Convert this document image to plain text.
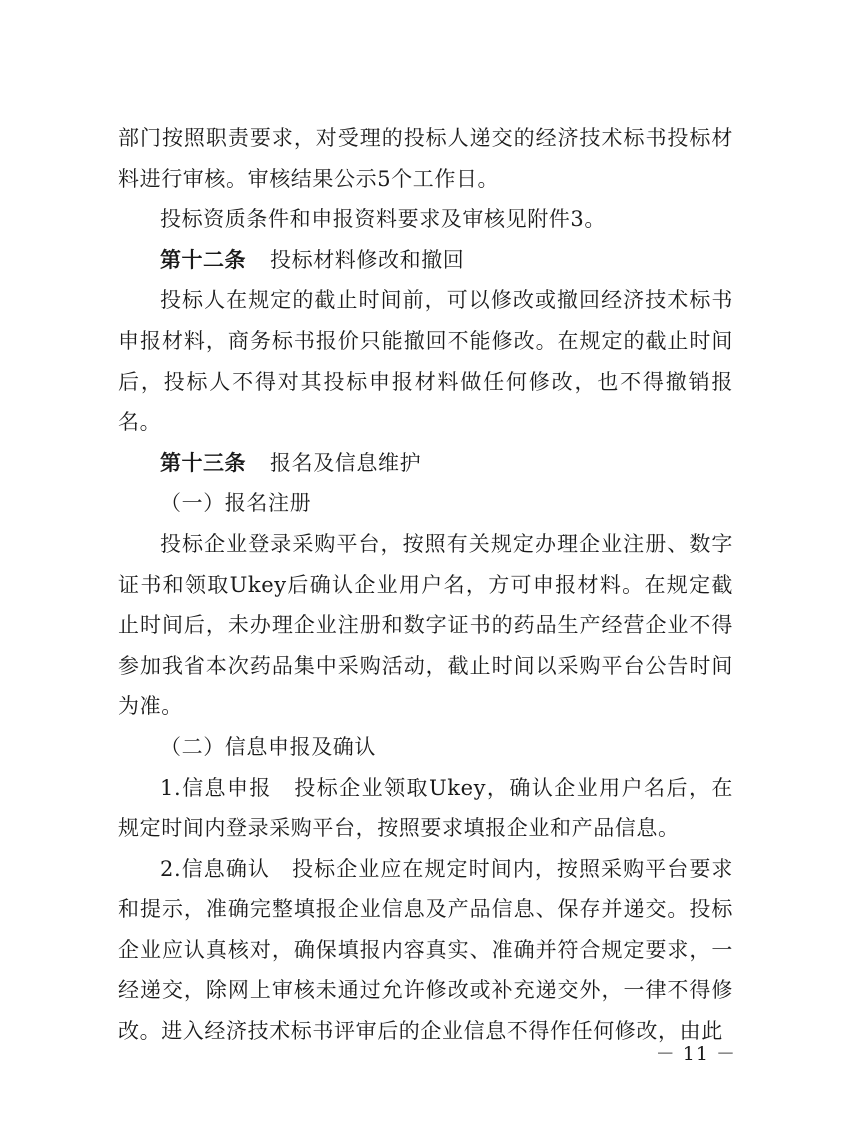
部门按照职责要求，对受理的投标人递交的经济技术标书投标材料进行审核。审核结果公示5个工作日。

投标资质条件和申报资料要求及审核见附件3。

第十二条 投标材料修改和撤回

投标人在规定的截止时间前，可以修改或撤回经济技术标书申报材料，商务标书报价只能撤回不能修改。在规定的截止时间后，投标人不得对其投标申报材料做任何修改，也不得撤销报名。

第十三条 报名及信息维护

（一）报名注册

投标企业登录采购平台，按照有关规定办理企业注册、数字证书和领取Ukey后确认企业用户名，方可申报材料。在规定截止时间后，未办理企业注册和数字证书的药品生产经营企业不得参加我省本次药品集中采购活动，截止时间以采购平台公告时间为准。

（二）信息申报及确认

1.信息申报　投标企业领取Ukey，确认企业用户名后，在规定时间内登录采购平台，按照要求填报企业和产品信息。

2.信息确认　投标企业应在规定时间内，按照采购平台要求和提示，准确完整填报企业信息及产品信息、保存并递交。投标企业应认真核对，确保填报内容真实、准确并符合规定要求，一经递交，除网上审核未通过允许修改或补充递交外，一律不得修改。进入经济技术标书评审后的企业信息不得作任何修改，由此

－ 11 －
